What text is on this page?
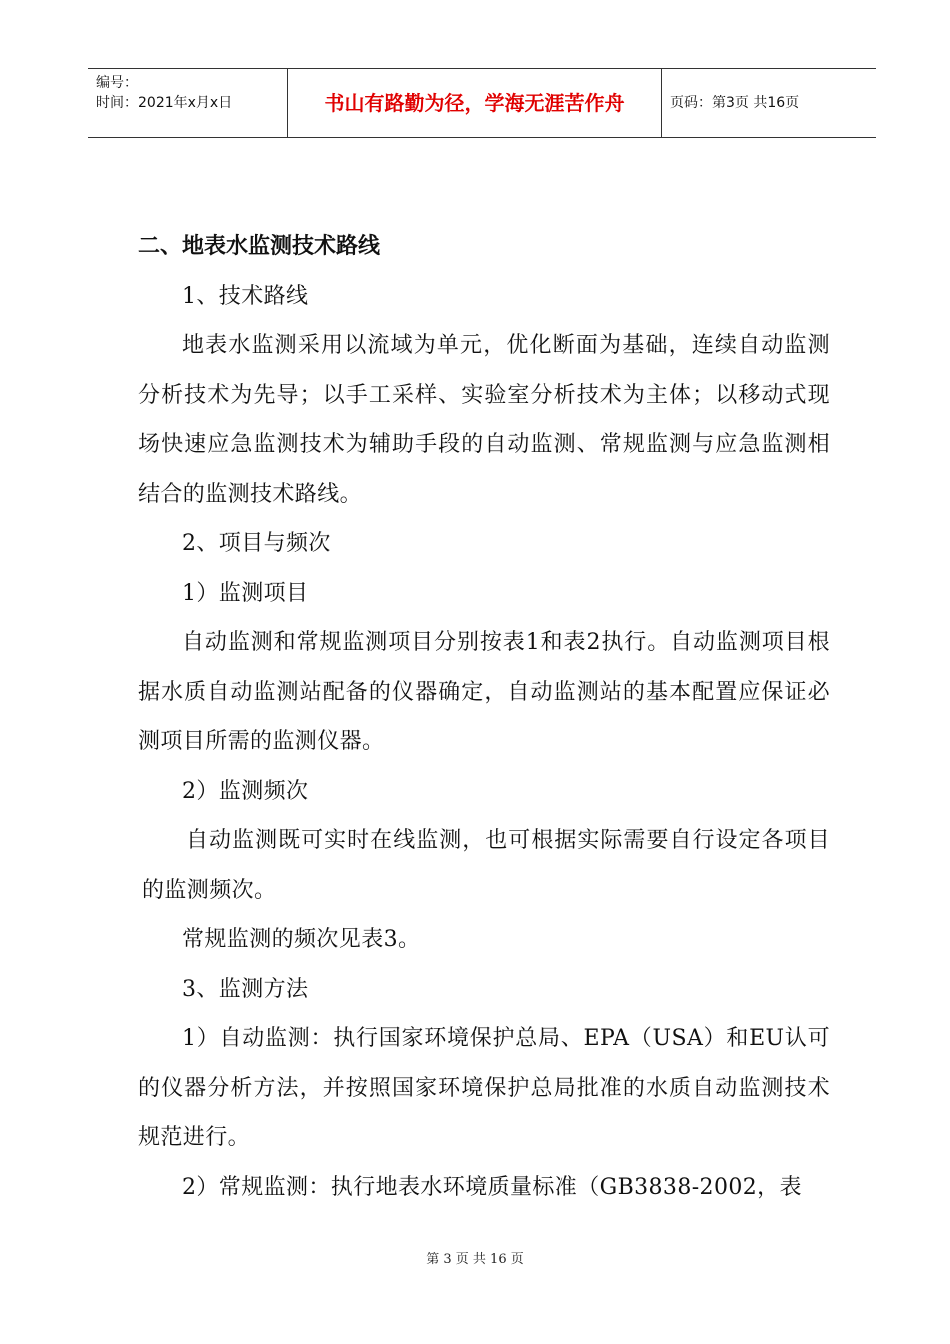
编号：
时间：2021年x月x日	书山有路勤为径，学海无涯苦作舟	页码：第3页 共16页

二、地表水监测技术路线

1、技术路线

地表水监测采用以流域为单元，优化断面为基础，连续自动监测分析技术为先导；以手工采样、实验室分析技术为主体；以移动式现场快速应急监测技术为辅助手段的自动监测、常规监测与应急监测相结合的监测技术路线。

2、项目与频次

1）监测项目

自动监测和常规监测项目分别按表1和表2执行。自动监测项目根据水质自动监测站配备的仪器确定，自动监测站的基本配置应保证必测项目所需的监测仪器。

2）监测频次

自动监测既可实时在线监测，也可根据实际需要自行设定各项目的监测频次。

常规监测的频次见表3。

3、监测方法

1）自动监测：执行国家环境保护总局、EPA（USA）和EU认可的仪器分析方法，并按照国家环境保护总局批准的水质自动监测技术规范进行。

2）常规监测：执行地表水环境质量标准（GB3838-2002，表

第 3 页 共 16 页
